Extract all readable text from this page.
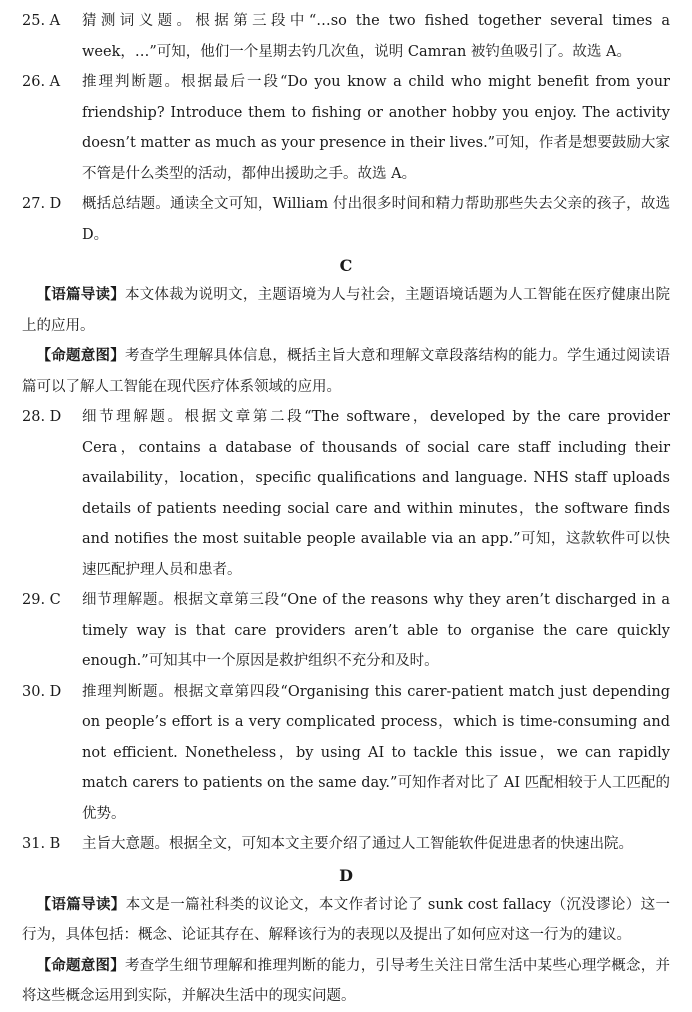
25. A	猜测词义题。根据第三段中“…so the two fished together several times a week，…”可知，他们一个星期去钓几次鱼，说明 Camran 被钓鱼吸引了。故选 A。
26. A	推理判断题。根据最后一段“Do you know a child who might benefit from your friendship? Introduce them to fishing or another hobby you enjoy. The activity doesn’t matter as much as your presence in their lives.”可知，作者是想要鼓励大家不管是什么类型的活动，都伸出援助之手。故选 A。
27. D	概括总结题。通读全文可知，William 付出很多时间和精力帮助那些失去父亲的孩子，故选 D。
C

【语篇导读】本文体裁为说明文，主题语境为人与社会，主题语境话题为人工智能在医疗健康出院上的应用。

【命题意图】考查学生理解具体信息，概括主旨大意和理解文章段落结构的能力。学生通过阅读语篇可以了解人工智能在现代医疗体系领域的应用。

28. D	细节理解题。根据文章第二段“The software，developed by the care provider Cera，contains a database of thousands of social care staff including their availability，location，specific qualifications and language. NHS staff uploads details of patients needing social care and within minutes，the software finds and notifies the most suitable people available via an app.”可知，这款软件可以快速匹配护理人员和患者。
29. C	细节理解题。根据文章第三段“One of the reasons why they aren’t discharged in a timely way is that care providers aren’t able to organise the care quickly enough.”可知其中一个原因是救护组织不充分和及时。
30. D	推理判断题。根据文章第四段“Organising this carer-patient match just depending on people’s effort is a very complicated process，which is time-consuming and not efficient. Nonetheless，by using AI to tackle this issue，we can rapidly match carers to patients on the same day.”可知作者对比了 AI 匹配相较于人工匹配的优势。
31. B	主旨大意题。根据全文，可知本文主要介绍了通过人工智能软件促进患者的快速出院。
D

【语篇导读】本文是一篇社科类的议论文，本文作者讨论了 sunk cost fallacy（沉没谬论）这一行为，具体包括：概念、论证其存在、解释该行为的表现以及提出了如何应对这一行为的建议。

【命题意图】考查学生细节理解和推理判断的能力，引导考生关注日常生活中某些心理学概念，并将这些概念运用到实际，并解决生活中的现实问题。
